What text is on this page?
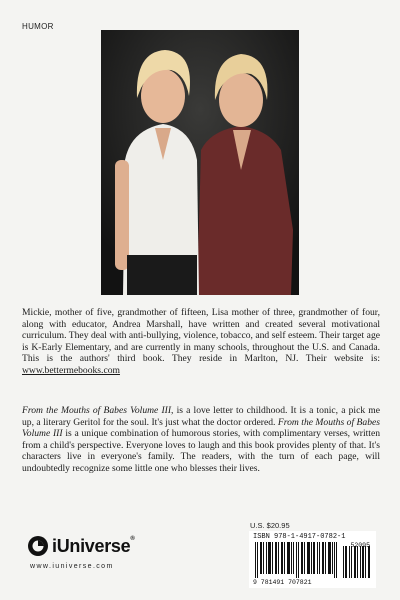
HUMOR

Mickie, mother of five, grandmother of fifteen, Lisa mother of three, grandmother of four, along with educator, Andrea Marshall, have written and created several motivational curriculum. They deal with anti-bullying, violence, tobacco, and self esteem. Their target age is K-Early Elementary, and are currently in many schools, throughout the U.S. and Canada. This is the authors' third book. They reside in Marlton, NJ. Their website is: www.bettermebooks.com

From the Mouths of Babes Volume III, is a love letter to childhood. It is a tonic, a pick me up, a literary Geritol for the soul. It's just what the doctor ordered. From the Mouths of Babes Volume III is a unique combination of humorous stories, with complimentary verses, written from a child's perspective. Everyone loves to laugh and this book provides plenty of that. It's characters live in everyone's family. The readers, with the turn of each page, will undoubtedly recognize some little one who blesses their lives.

U.S. $20.95
ISBN 978-1-4917-0782-1
52095
9 781491 707821
iUniverse®
www.iuniverse.com
